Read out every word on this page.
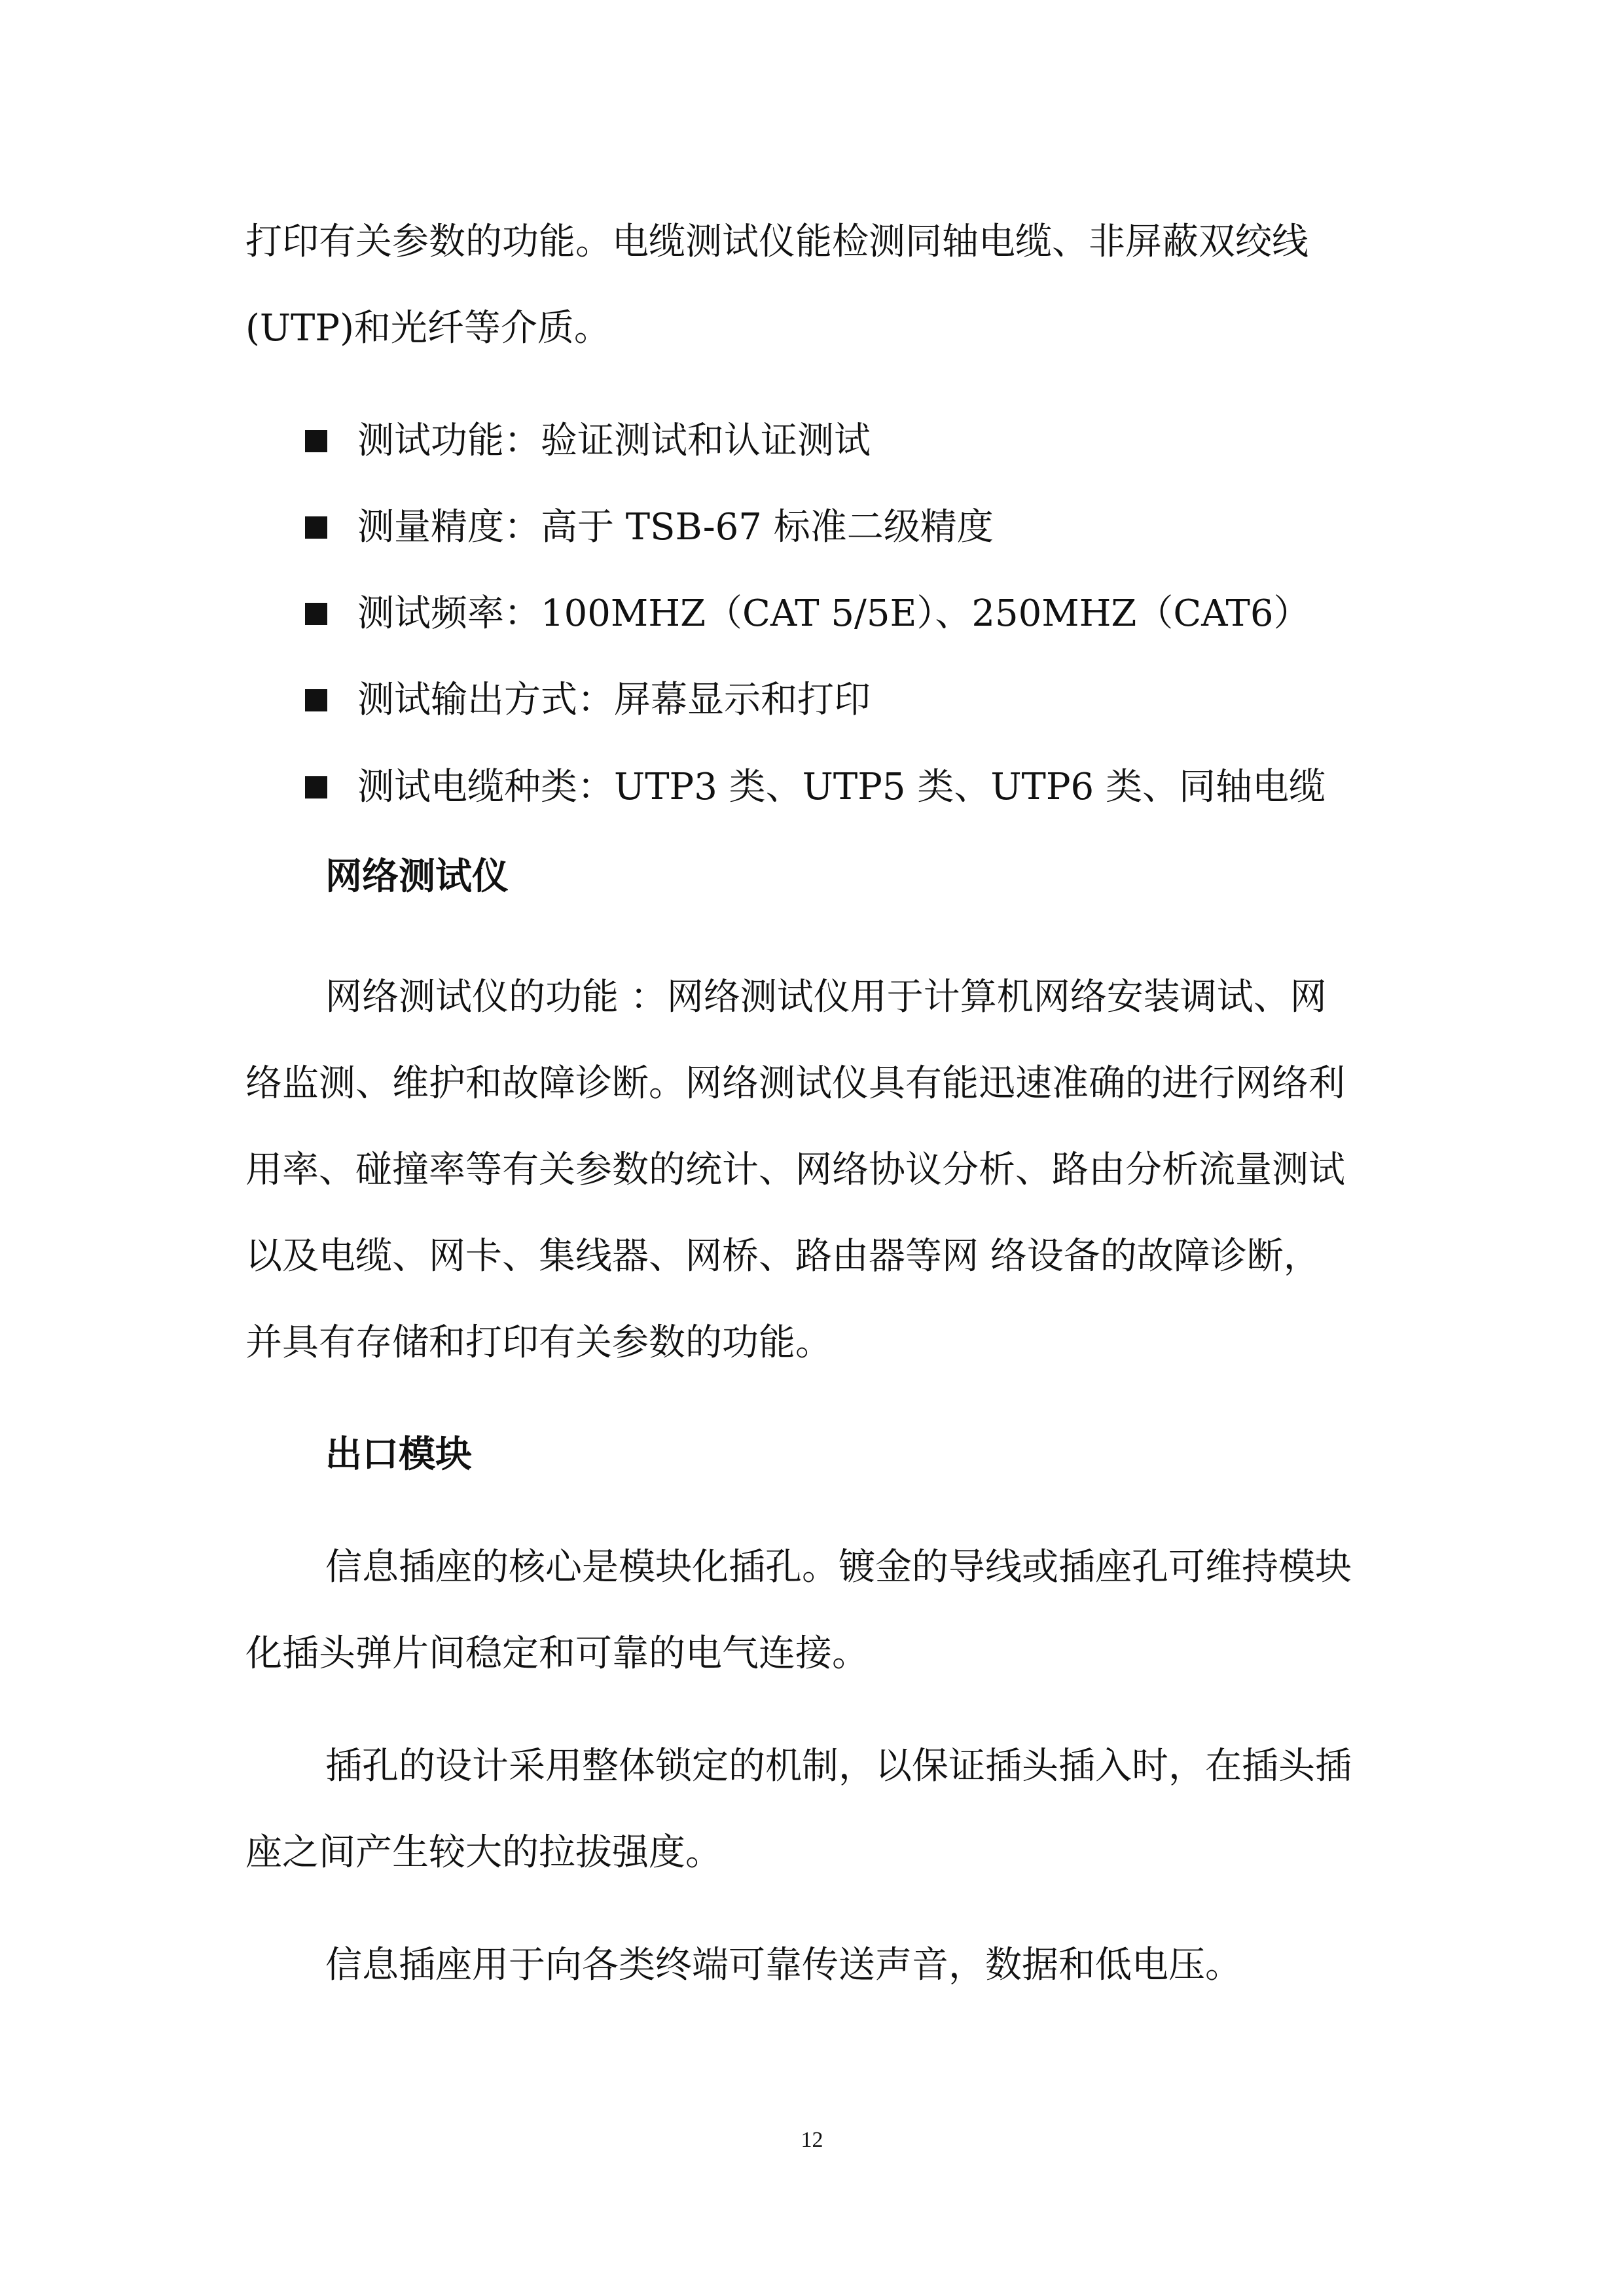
打印有关参数的功能。电缆测试仪能检测同轴电缆、非屏蔽双绞线
(UTP)和光纤等介质。
测试功能：验证测试和认证测试
测量精度：高于 TSB-67 标准二级精度
测试频率：100MHZ（CAT 5/5E）、250MHZ（CAT6）
测试输出方式：屏幕显示和打印
测试电缆种类：UTP3 类、UTP5 类、UTP6 类、同轴电缆
网络测试仪
网络测试仪的功能 ：网络测试仪用于计算机网络安装调试、网
络监测、维护和故障诊断。网络测试仪具有能迅速准确的进行网络利
用率、碰撞率等有关参数的统计、网络协议分析、路由分析流量测试
以及电缆、网卡、集线器、网桥、路由器等网 络设备的故障诊断，
并具有存储和打印有关参数的功能。
出口模块
信息插座的核心是模块化插孔。镀金的导线或插座孔可维持模块
化插头弹片间稳定和可靠的电气连接。
插孔的设计采用整体锁定的机制，以保证插头插入时，在插头插
座之间产生较大的拉拔强度。
信息插座用于向各类终端可靠传送声音，数据和低电压。
12
